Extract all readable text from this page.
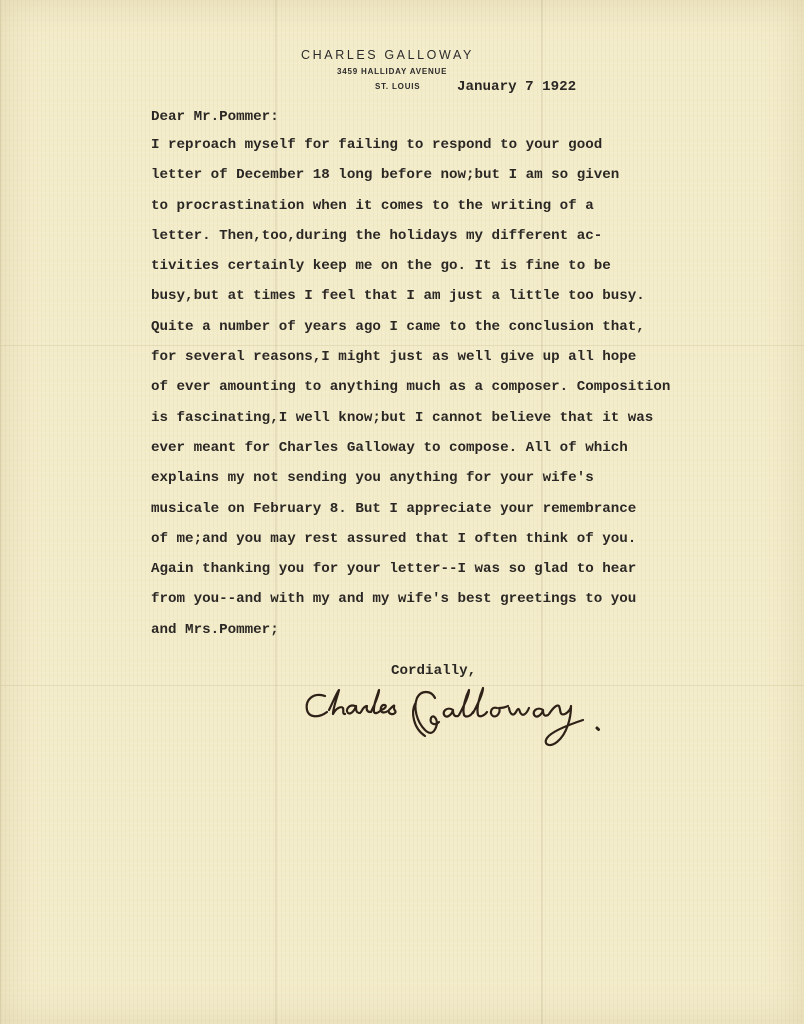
CHARLES GALLOWAY
3459 HALLIDAY AVENUE
ST. LOUIS	January 7 1922
Dear Mr.Pommer:
I reproach myself for failing to respond to your good
letter of December 18 long before now;but I am so given
to procrastination when it comes to the writing of a
letter. Then,too,during the holidays my different ac-
tivities certainly keep me on the go. It is fine to be
busy,but at times I feel that I am just a little too busy.
Quite a number of years ago I came to the conclusion that,
for several reasons,I might just as well give up all hope
of ever amounting to anything much as a composer. Composition
is fascinating,I well know;but I cannot believe that it was
ever meant for Charles Galloway to compose. All of which
explains my not sending you anything for your wife's
musicale on February 8. But I appreciate your remembrance
of me;and you may rest assured that I often think of you.
Again thanking you for your letter--I was so glad to hear
from you--and with my and my wife's best greetings to you
and Mrs.Pommer;
Cordially,
